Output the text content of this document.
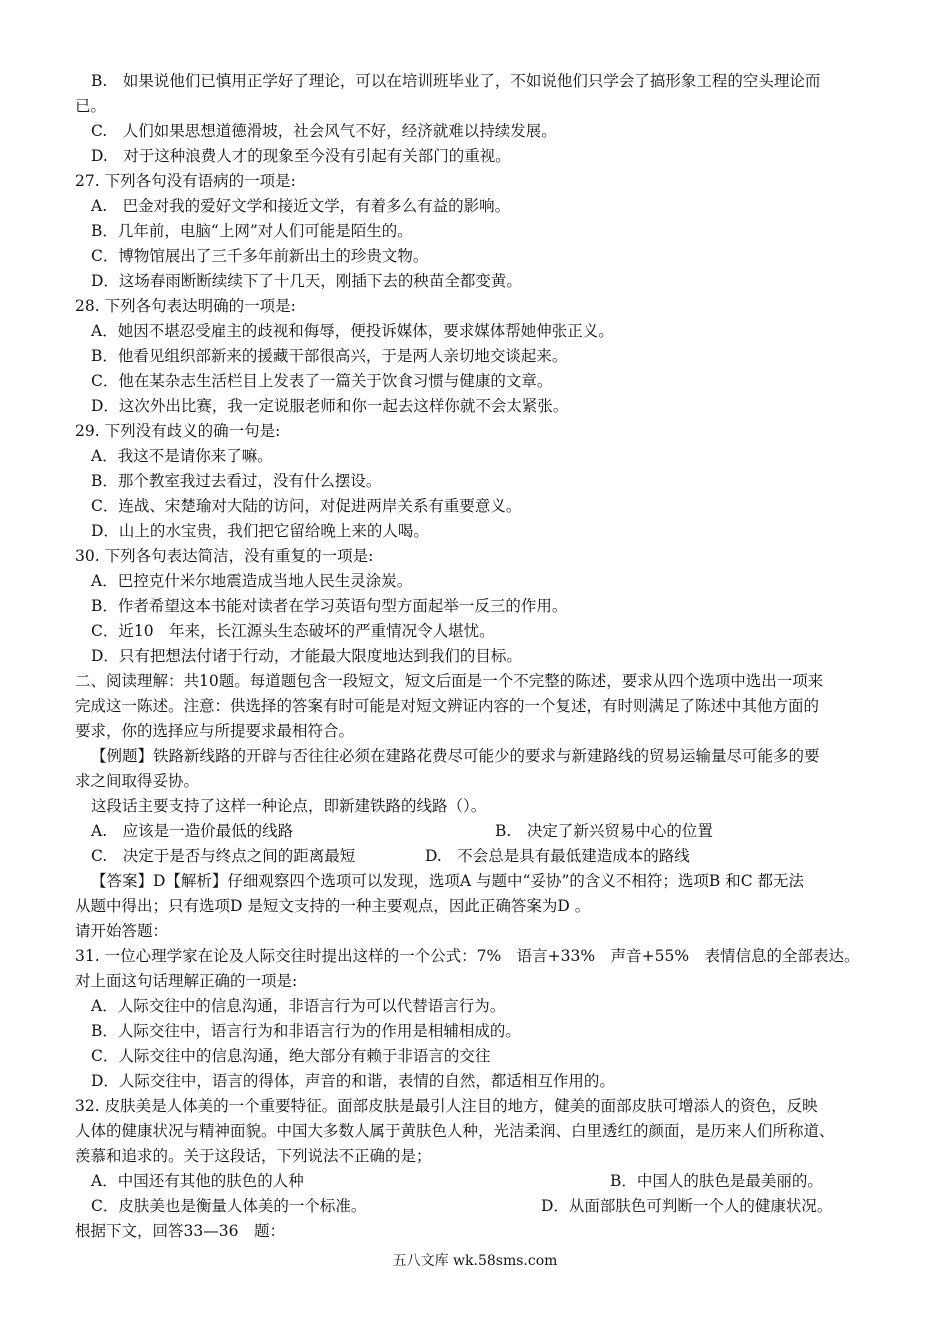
B.　如果说他们已慎用正学好了理论，可以在培训班毕业了，不如说他们只学会了搞形象工程的空头理论而
已。
C.　人们如果思想道德滑坡，社会风气不好，经济就难以持续发展。
D.　对于这种浪费人才的现象至今没有引起有关部门的重视。
27. 下列各句没有语病的一项是:
A.　巴金对我的爱好文学和接近文学，有着多么有益的影响。
B．几年前，电脑“上网”对人们可能是陌生的。
C．博物馆展出了三千多年前新出土的珍贵文物。
D．这场春雨断断续续下了十几天，刚插下去的秧苗全都变黄。
28. 下列各句表达明确的一项是:
A．她因不堪忍受雇主的歧视和侮辱，便投诉媒体，要求媒体帮她伸张正义。
B．他看见组织部新来的援藏干部很高兴，于是两人亲切地交谈起来。
C．他在某杂志生活栏目上发表了一篇关于饮食习惯与健康的文章。
D．这次外出比赛，我一定说服老师和你一起去这样你就不会太紧张。
29. 下列没有歧义的确一句是:
A．我这不是请你来了嘛。
B．那个教室我过去看过，没有什么摆设。
C．连战、宋楚瑜对大陆的访问，对促进两岸关系有重要意义。
D．山上的水宝贵，我们把它留给晚上来的人喝。
30. 下列各句表达简洁，没有重复的一项是:
A．巴控克什米尔地震造成当地人民生灵涂炭。
B．作者希望这本书能对读者在学习英语句型方面起举一反三的作用。
C．近10　年来，长江源头生态破坏的严重情况令人堪忧。
D．只有把想法付诸于行动，才能最大限度地达到我们的目标。
二、阅读理解：共10题。每道题包含一段短文，短文后面是一个不完整的陈述，要求从四个选项中选出一项来
完成这一陈述。注意：供选择的答案有时可能是对短文辨证内容的一个复述，有时则满足了陈述中其他方面的
要求，你的选择应与所提要求最相符合。
【例题】铁路新线路的开辟与否往往必须在建路花费尽可能少的要求与新建路线的贸易运输量尽可能多的要
求之间取得妥协。
这段话主要支持了这样一种论点，即新建铁路的线路（）。
A.　应该是一造价最低的线路	B.　决定了新兴贸易中心的位置
C.　决定于是否与终点之间的距离最短	D.　不会总是具有最低建造成本的路线
【答案】D【解析】仔细观察四个选项可以发现，选项A 与题中“妥协”的含义不相符；选项B 和C 都无法
从题中得出；只有选项D 是短文支持的一种主要观点，因此正确答案为D 。
请开始答题：
31. 一位心理学家在论及人际交往时提出这样的一个公式：7%　语言+33%　声音+55%　表情信息的全部表达。
对上面这句话理解正确的一项是:
A．人际交往中的信息沟通，非语言行为可以代替语言行为。
B．人际交往中，语言行为和非语言行为的作用是相辅相成的。
C．人际交往中的信息沟通，绝大部分有赖于非语言的交往
D．人际交往中，语言的得体，声音的和谐，表情的自然，都适相互作用的。
32. 皮肤美是人体美的一个重要特征。面部皮肤是最引人注目的地方，健美的面部皮肤可增添人的资色，反映
人体的健康状况与精神面貌。中国大多数人属于黄肤色人种，光洁柔润、白里透红的颜面，是历来人们所称道、
羡慕和追求的。关于这段话，下列说法不正确的是；
A．中国还有其他的肤色的人种	B．中国人的肤色是最美丽的。
C．皮肤美也是衡量人体美的一个标准。	D．从面部肤色可判断一个人的健康状况。
根据下文，回答33—36　题：
五八文库 wk.58sms.com
